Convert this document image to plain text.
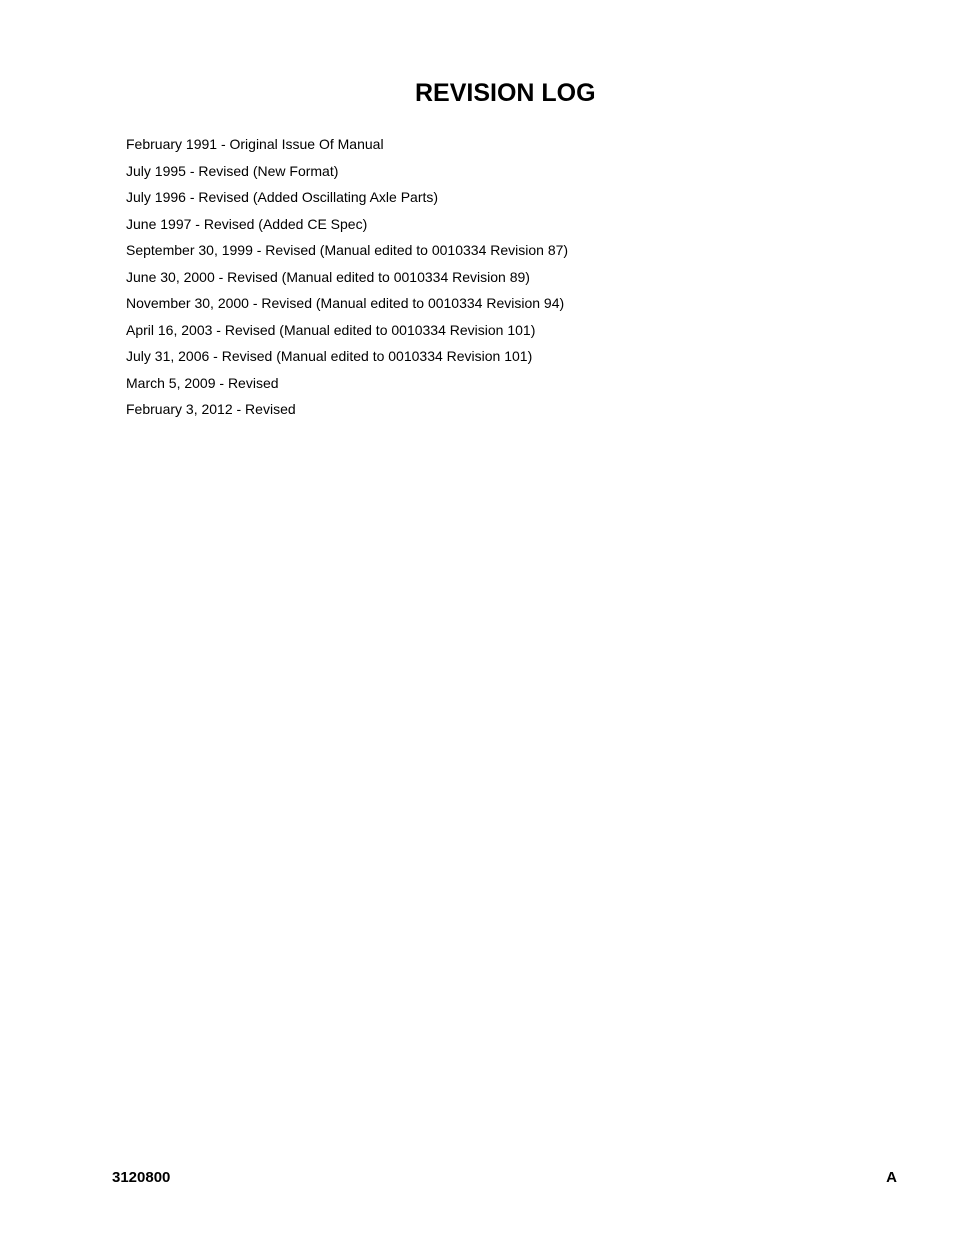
REVISION LOG
February 1991 - Original Issue Of Manual
July 1995 - Revised (New Format)
July 1996 - Revised (Added Oscillating Axle Parts)
June 1997 - Revised (Added CE Spec)
September 30, 1999 - Revised (Manual edited to 0010334 Revision 87)
June 30, 2000 - Revised (Manual edited to 0010334 Revision 89)
November 30, 2000 - Revised (Manual edited to 0010334 Revision 94)
April 16, 2003 - Revised (Manual edited to 0010334 Revision 101)
July 31, 2006 - Revised (Manual edited to 0010334 Revision 101)
March 5, 2009 - Revised
February 3, 2012 - Revised
3120800	A
